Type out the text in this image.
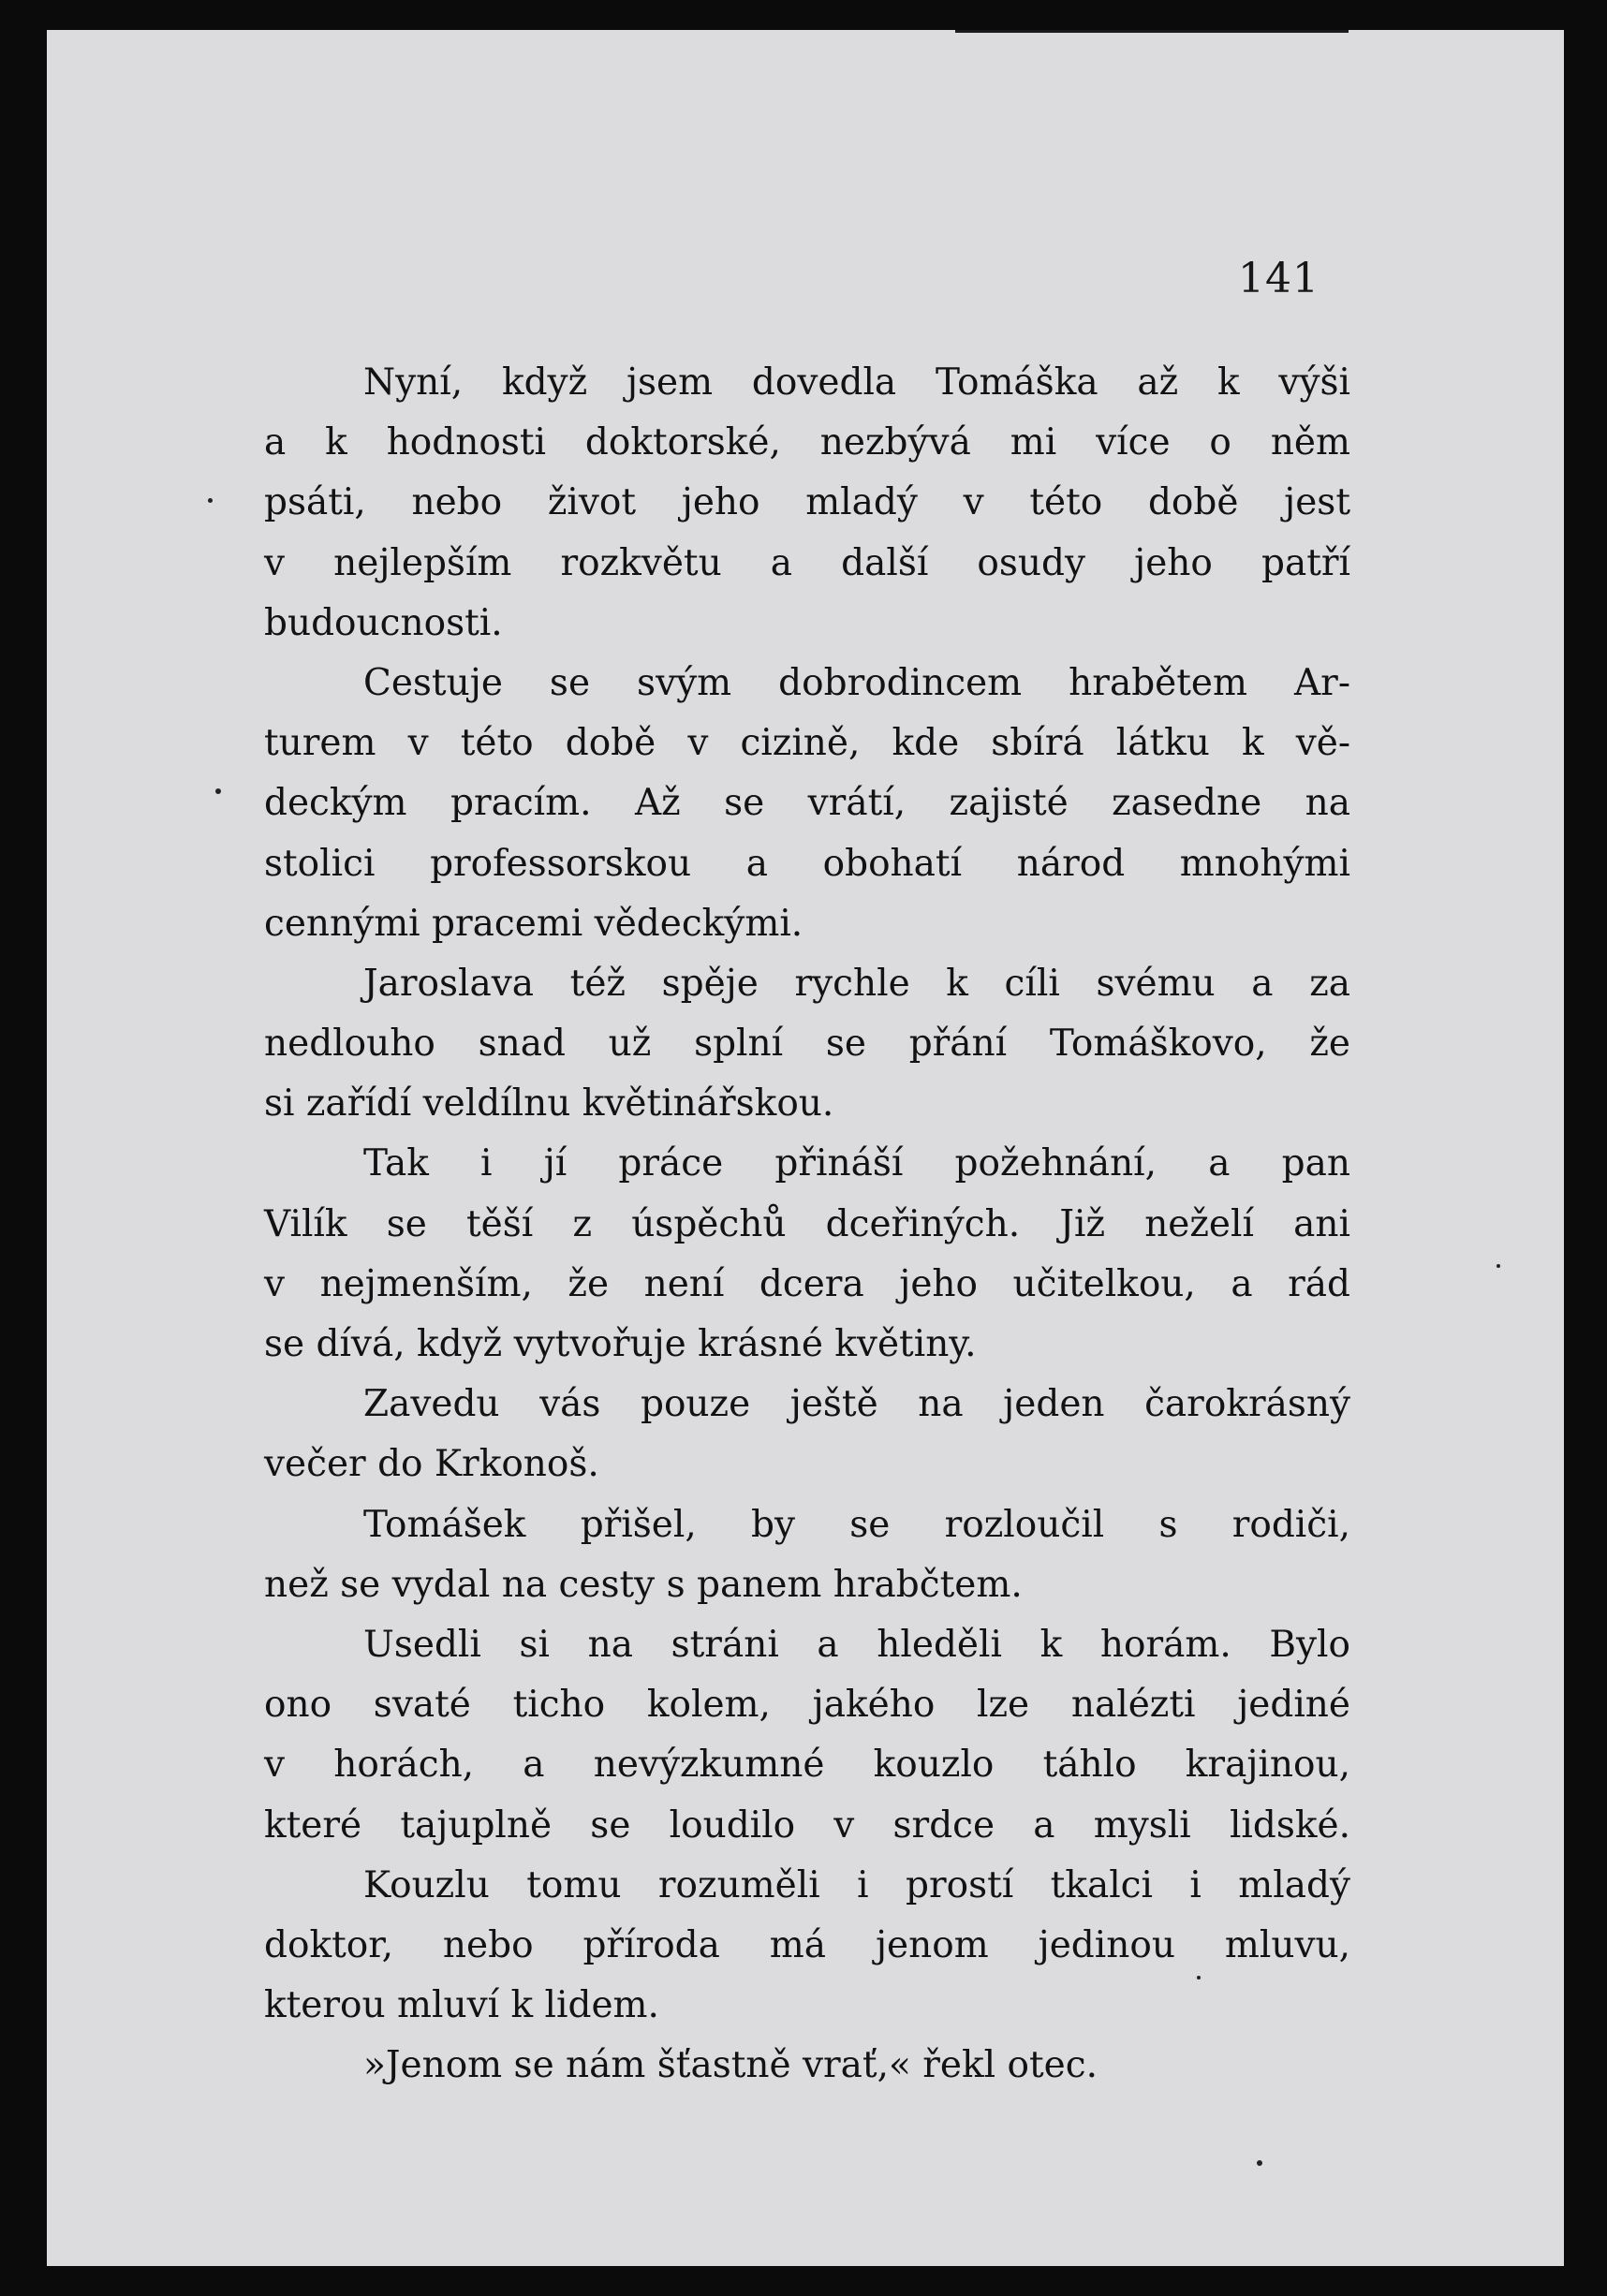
141
Nyní, když jsem dovedla Tomáška až k výši
a k hodnosti doktorské, nezbývá mi více o něm
psáti, nebo život jeho mladý v této době jest
v nejlepším rozkvětu a další osudy jeho patří
budoucnosti.
Cestuje se svým dobrodincem hrabětem Ar-
turem v této době v cizině, kde sbírá látku k vě-
deckým pracím. Až se vrátí, zajisté zasedne na
stolici professorskou a obohatí národ mnohými
cennými pracemi vědeckými.
Jaroslava též spěje rychle k cíli svému a za
nedlouho snad už splní se přání Tomáškovo, že
si zařídí veldílnu květinářskou.
Tak i jí práce přináší požehnání, a pan
Vilík se těší z úspěchů dceřiných. Již neželí ani
v nejmenším, že není dcera jeho učitelkou, a rád
se dívá, když vytvořuje krásné květiny.
Zavedu vás pouze ještě na jeden čarokrásný
večer do Krkonoš.
Tomášek přišel, by se rozloučil s rodiči,
než se vydal na cesty s panem hrabčtem.
Usedli si na stráni a hleděli k horám. Bylo
ono svaté ticho kolem, jakého lze nalézti jediné
v horách, a nevýzkumné kouzlo táhlo krajinou,
které tajuplně se loudilo v srdce a mysli lidské.
Kouzlu tomu rozuměli i prostí tkalci i mladý
doktor, nebo příroda má jenom jedinou mluvu,
kterou mluví k lidem.
»Jenom se nám šťastně vrať,« řekl otec.
